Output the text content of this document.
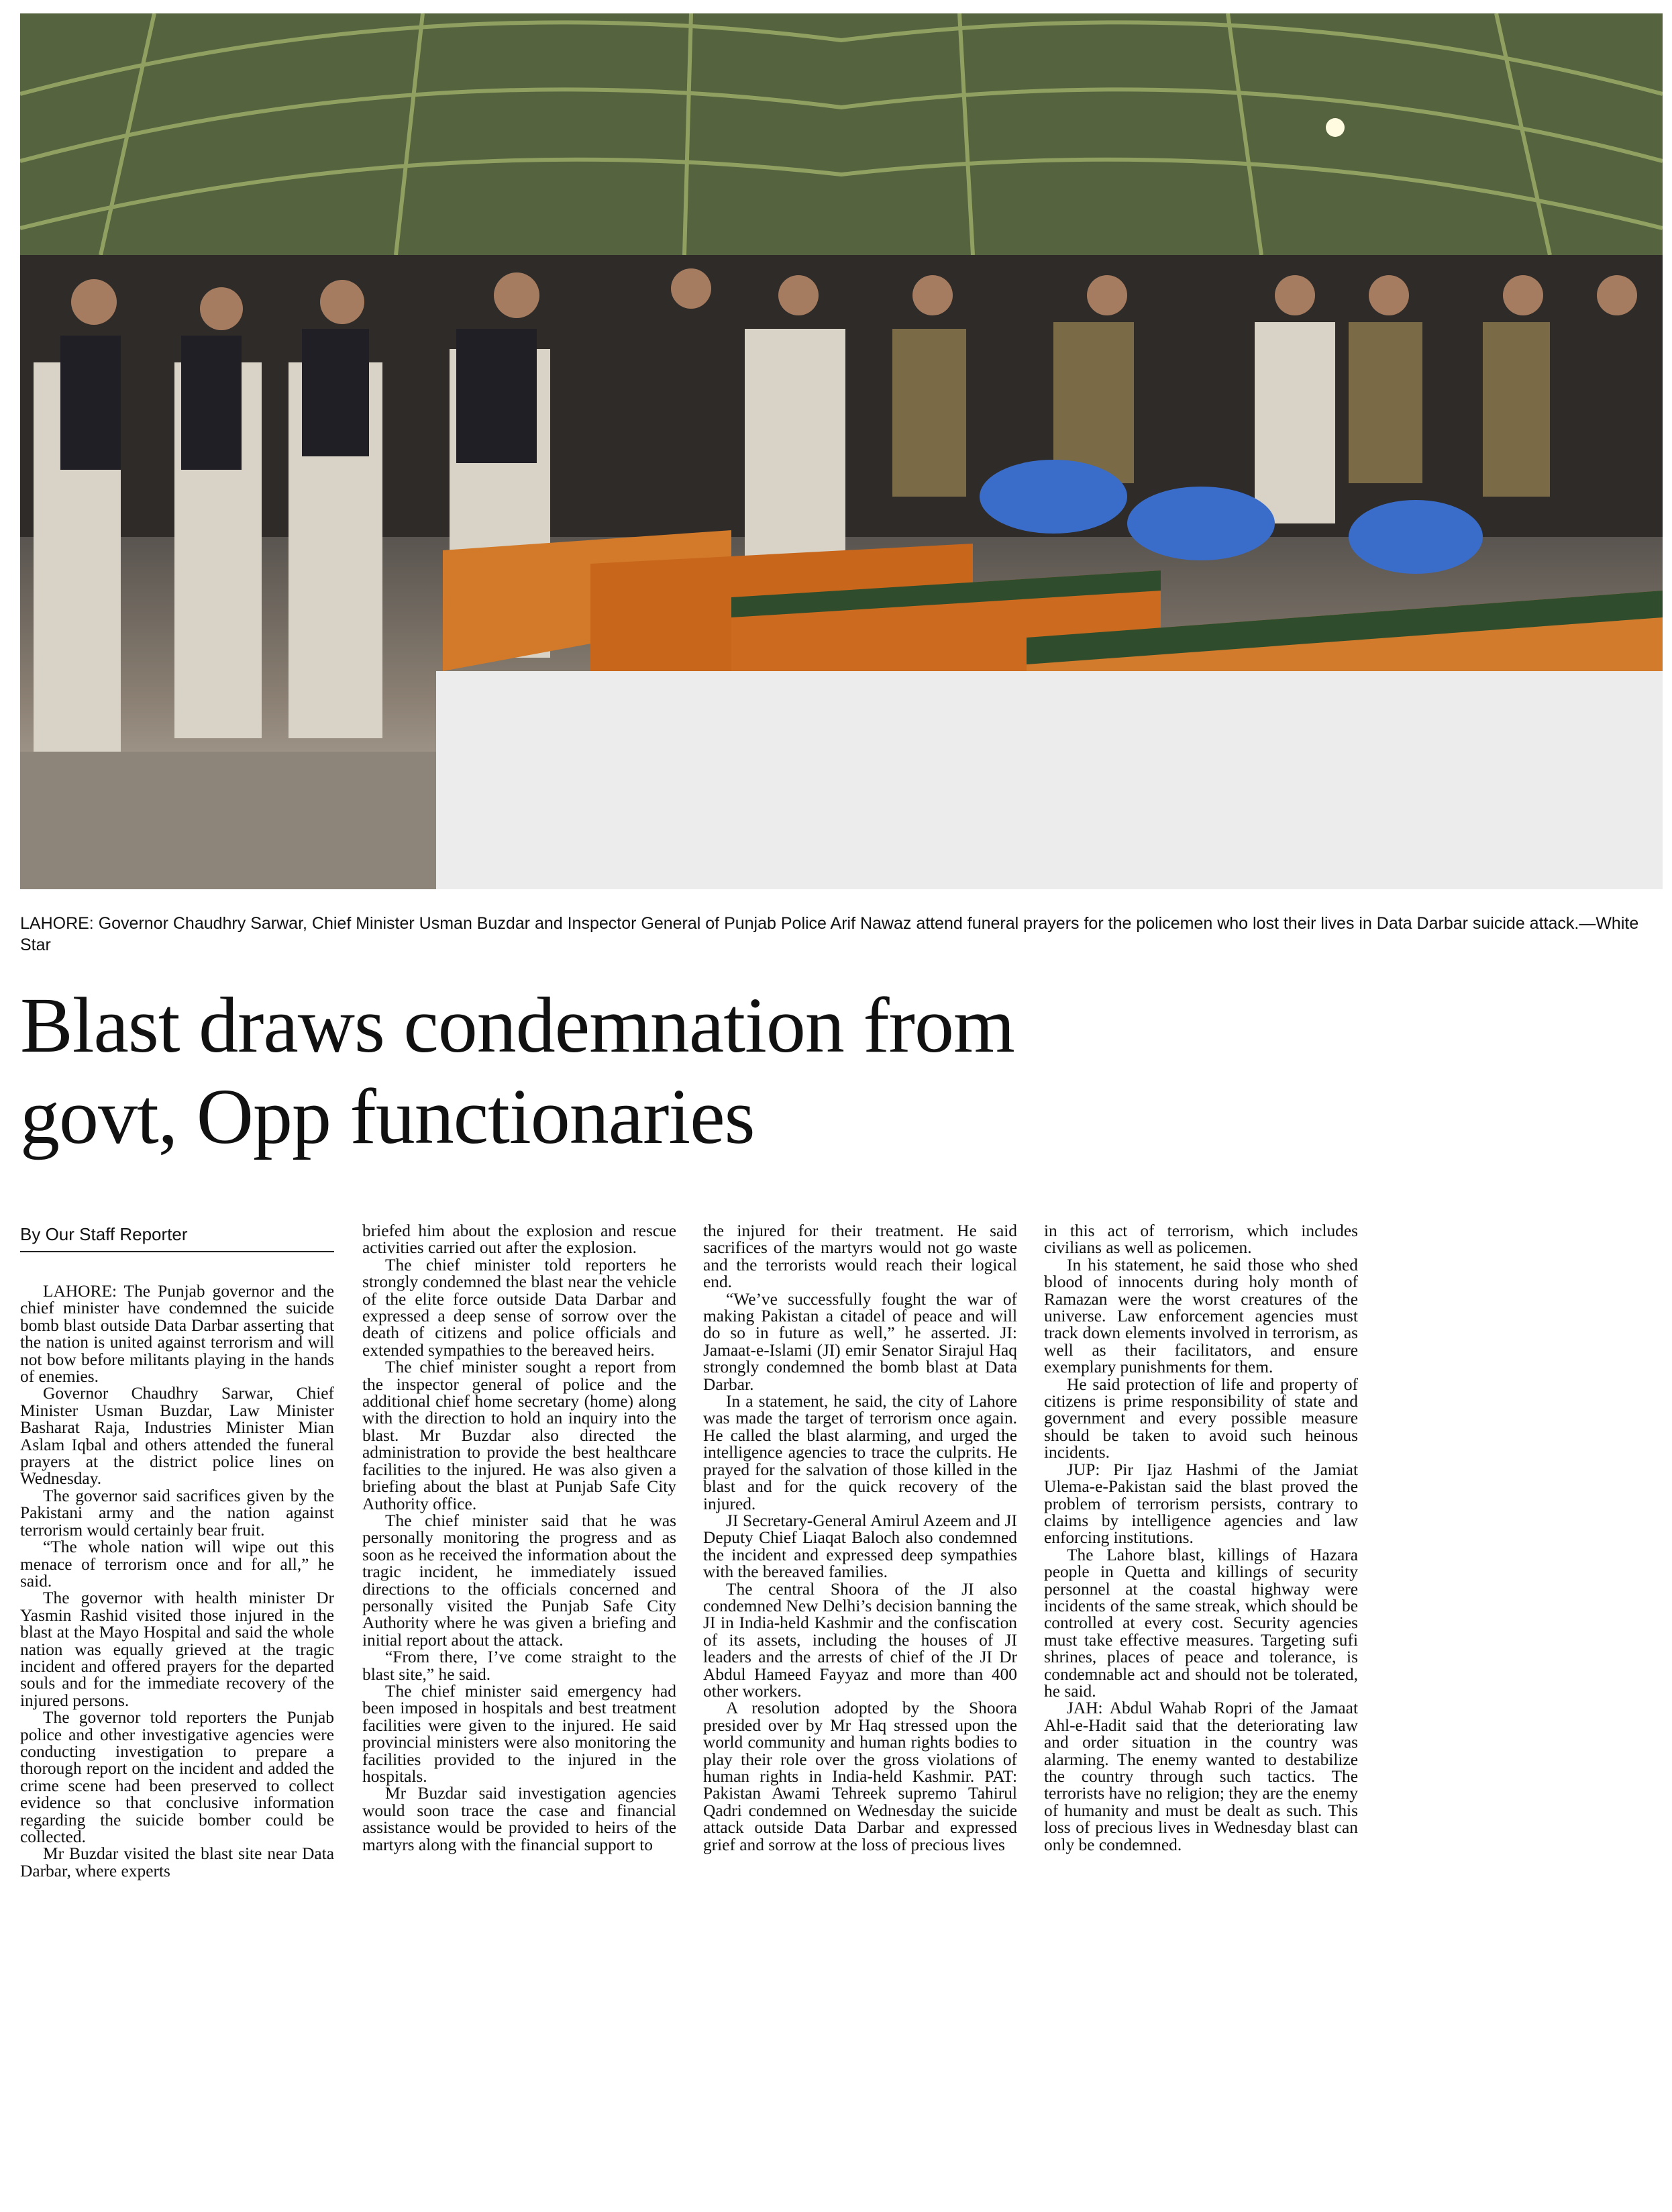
LAHORE: Governor Chaudhry Sarwar, Chief Minister Usman Buzdar and Inspector General of Punjab Police Arif Nawaz attend funeral prayers for the policemen who lost their lives in Data Darbar suicide attack.—White Star
Blast draws condemnation from
govt, Opp functionaries
By Our Staff Reporter

LAHORE: The Punjab governor and the chief minister have condemned the suicide bomb blast outside Data Darbar asserting that the nation is united against terrorism and will not bow before militants playing in the hands of enemies.

Governor Chaudhry Sarwar, Chief Minister Usman Buzdar, Law Minister Basharat Raja, Industries Minister Mian Aslam Iqbal and others attended the funeral prayers at the district police lines on Wednesday.

The governor said sacrifices given by the Pakistani army and the nation against terrorism would certainly bear fruit.

“The whole nation will wipe out this menace of terrorism once and for all,” he said.

The governor with health minister Dr Yasmin Rashid visited those injured in the blast at the Mayo Hospital and said the whole nation was equally grieved at the tragic incident and offered prayers for the departed souls and for the immediate recovery of the injured persons.

The governor told reporters the Punjab police and other investigative agencies were conducting investigation to prepare a thorough report on the incident and added the crime scene had been preserved to collect evidence so that conclusive information regarding the suicide bomber could be collected.

Mr Buzdar visited the blast site near Data Darbar, where experts

briefed him about the explosion and rescue activities carried out after the explosion.

The chief minister told reporters he strongly condemned the blast near the vehicle of the elite force outside Data Darbar and expressed a deep sense of sorrow over the death of citizens and police officials and extended sympathies to the bereaved heirs.

The chief minister sought a report from the inspector general of police and the additional chief home secretary (home) along with the direction to hold an inquiry into the blast. Mr Buzdar also directed the administration to provide the best healthcare facilities to the injured. He was also given a briefing about the blast at Punjab Safe City Authority office.

The chief minister said that he was personally monitoring the progress and as soon as he received the information about the tragic incident, he immediately issued directions to the officials concerned and personally visited the Punjab Safe City Authority where he was given a briefing and initial report about the attack.

“From there, I’ve come straight to the blast site,” he said.

The chief minister said emergency had been imposed in hospitals and best treatment facilities were given to the injured. He said provincial ministers were also monitoring the facilities provided to the injured in the hospitals.

Mr Buzdar said investigation agencies would soon trace the case and financial assistance would be provided to heirs of the martyrs along with the financial support to

the injured for their treatment. He said sacrifices of the martyrs would not go waste and the terrorists would reach their logical end.

“We’ve successfully fought the war of making Pakistan a citadel of peace and will do so in future as well,” he asserted. JI: Jamaat-e-Islami (JI) emir Senator Sirajul Haq strongly condemned the bomb blast at Data Darbar.

In a statement, he said, the city of Lahore was made the target of terrorism once again. He called the blast alarming, and urged the intelligence agencies to trace the culprits. He prayed for the salvation of those killed in the blast and for the quick recovery of the injured.

JI Secretary-General Amirul Azeem and JI Deputy Chief Liaqat Baloch also condemned the incident and expressed deep sympathies with the bereaved families.

The central Shoora of the JI also condemned New Delhi’s decision banning the JI in India-held Kashmir and the confiscation of its assets, including the houses of JI leaders and the arrests of chief of the JI Dr Abdul Hameed Fayyaz and more than 400 other workers.

A resolution adopted by the Shoora presided over by Mr Haq stressed upon the world community and human rights bodies to play their role over the gross violations of human rights in India-held Kashmir. PAT: Pakistan Awami Tehreek supremo Tahirul Qadri condemned on Wednesday the suicide attack outside Data Darbar and expressed grief and sorrow at the loss of precious lives

in this act of terrorism, which includes civilians as well as policemen.

In his statement, he said those who shed blood of innocents during holy month of Ramazan were the worst creatures of the universe. Law enforcement agencies must track down elements involved in terrorism, as well as their facilitators, and ensure exemplary punishments for them.

He said protection of life and property of citizens is prime responsibility of state and government and every possible measure should be taken to avoid such heinous incidents.

JUP: Pir Ijaz Hashmi of the Jamiat Ulema-e-Pakistan said the blast proved the problem of terrorism persists, contrary to claims by intelligence agencies and law enforcing institutions.

The Lahore blast, killings of Hazara people in Quetta and killings of security personnel at the coastal highway were incidents of the same streak, which should be controlled at every cost. Security agencies must take effective measures. Targeting sufi shrines, places of peace and tolerance, is condemnable act and should not be tolerated, he said.

JAH: Abdul Wahab Ropri of the Jamaat Ahl-e-Hadit said that the deteriorating law and order situation in the country was alarming. The enemy wanted to destabilize the country through such tactics. The terrorists have no religion; they are the enemy of humanity and must be dealt as such. This loss of precious lives in Wednesday blast can only be condemned.
